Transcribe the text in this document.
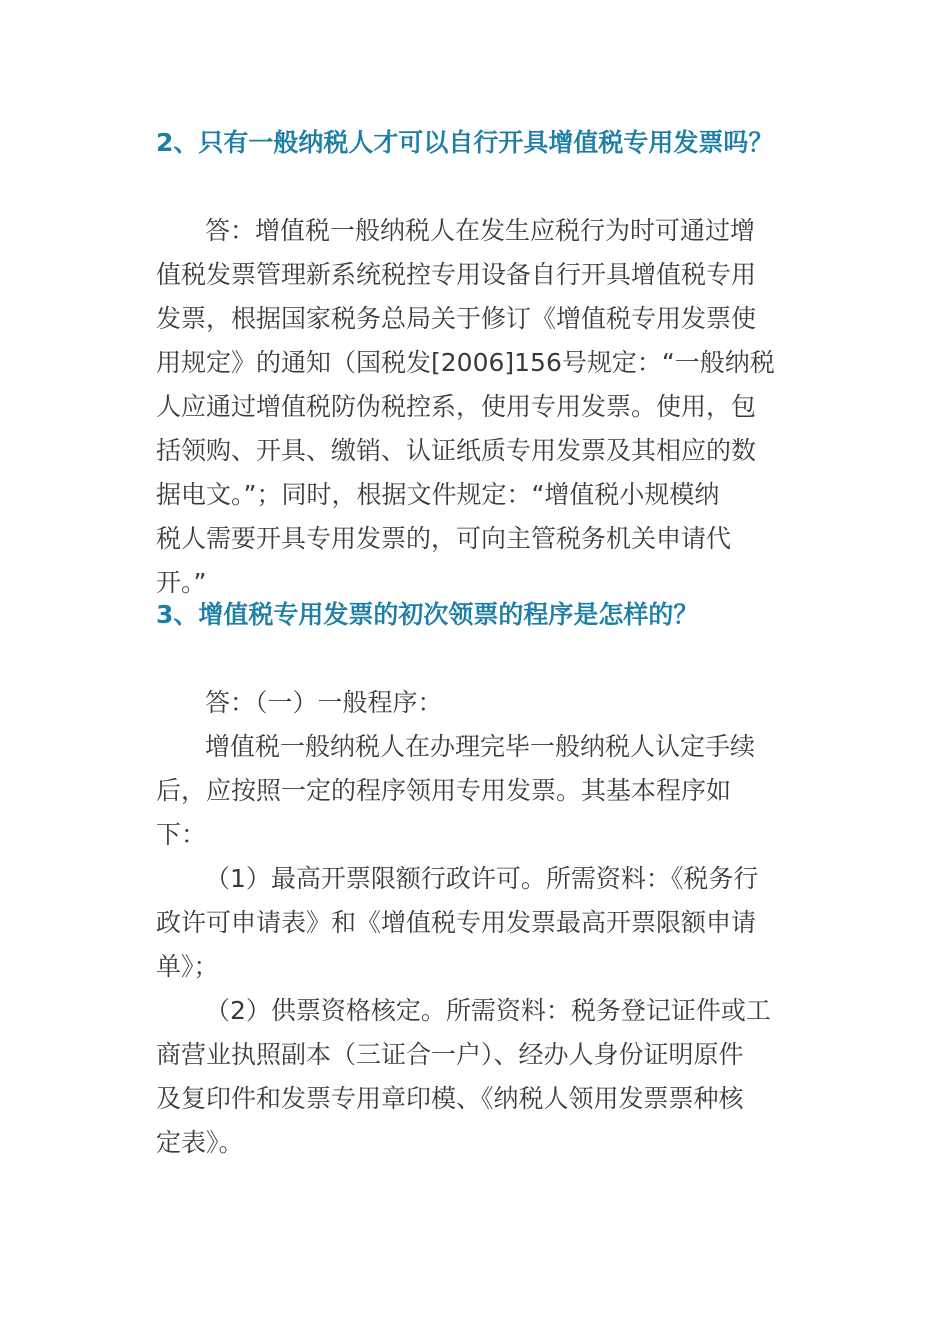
2、只有一般纳税人才可以自行开具增值税专用发票吗？

答：增值税一般纳税人在发生应税行为时可通过增

值税发票管理新系统税控专用设备自行开具增值税专用

发票，根据国家税务总局关于修订《增值税专用发票使

用规定》的通知（国税发[2006]156号规定：“一般纳税

人应通过增值税防伪税控系，使用专用发票。使用，包

括领购、开具、缴销、认证纸质专用发票及其相应的数

据电文。”；同时，根据文件规定：“增值税小规模纳

税人需要开具专用发票的，可向主管税务机关申请代

开。”

3、增值税专用发票的初次领票的程序是怎样的？

答：（一）一般程序：

增值税一般纳税人在办理完毕一般纳税人认定手续

后，应按照一定的程序领用专用发票。其基本程序如

下：

（1）最高开票限额行政许可。所需资料：《税务行

政许可申请表》和《增值税专用发票最高开票限额申请

单》；

（2）供票资格核定。所需资料：税务登记证件或工

商营业执照副本（三证合一户）、经办人身份证明原件

及复印件和发票专用章印模、《纳税人领用发票票种核

定表》。
